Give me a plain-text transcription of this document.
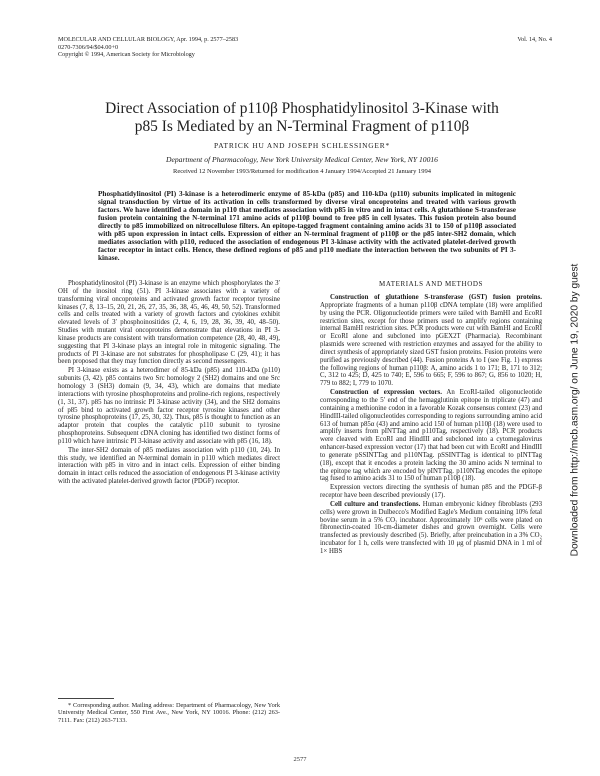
MOLECULAR AND CELLULAR BIOLOGY, Apr. 1994, p. 2577–2583
0270-7306/94/$04.00+0
Copyright © 1994, American Society for Microbiology
Vol. 14, No. 4
Direct Association of p110β Phosphatidylinositol 3-Kinase with
p85 Is Mediated by an N-Terminal Fragment of p110β
PATRICK HU AND JOSEPH SCHLESSINGER*
Department of Pharmacology, New York University Medical Center, New York, NY 10016
Received 12 November 1993/Returned for modification 4 January 1994/Accepted 21 January 1994

Phosphatidylinositol (PI) 3-kinase is a heterodimeric enzyme of 85-kDa (p85) and 110-kDa (p110) subunits implicated in mitogenic signal transduction by virtue of its activation in cells transformed by diverse viral oncoproteins and treated with various growth factors. We have identified a domain in p110 that mediates association with p85 in vitro and in intact cells. A glutathione S-transferase fusion protein containing the N-terminal 171 amino acids of p110β bound to free p85 in cell lysates. This fusion protein also bound directly to p85 immobilized on nitrocellulose filters. An epitope-tagged fragment containing amino acids 31 to 150 of p110β associated with p85 upon expression in intact cells. Expression of either an N-terminal fragment of p110β or the p85 inter-SH2 domain, which mediates association with p110, reduced the association of endogenous PI 3-kinase activity with the activated platelet-derived growth factor receptor in intact cells. Hence, these defined regions of p85 and p110 mediate the interaction between the two subunits of PI 3-kinase.

Phosphatidylinositol (PI) 3-kinase is an enzyme which phosphorylates the 3′ OH of the inositol ring (51). PI 3-kinase associates with a variety of transforming viral oncoproteins and activated growth factor receptor tyrosine kinases (7, 8, 13–15, 20, 21, 26, 27, 35, 36, 38, 45, 46, 49, 50, 52). Transformed cells and cells treated with a variety of growth factors and cytokines exhibit elevated levels of 3′ phosphoinositides (2, 4, 6, 19, 28, 36, 39, 40, 48–50). Studies with mutant viral oncoproteins demonstrate that elevations in PI 3-kinase products are consistent with transformation competence (28, 40, 48, 49), suggesting that PI 3-kinase plays an integral role in mitogenic signaling. The products of PI 3-kinase are not substrates for phospholipase C (29, 41); it has been proposed that they may function directly as second messengers.

PI 3-kinase exists as a heterodimer of 85-kDa (p85) and 110-kDa (p110) subunits (3, 42). p85 contains two Src homology 2 (SH2) domains and one Src homology 3 (SH3) domain (9, 34, 43), which are domains that mediate interactions with tyrosine phosphoproteins and proline-rich regions, respectively (1, 31, 37). p85 has no intrinsic PI 3-kinase activity (34), and the SH2 domains of p85 bind to activated growth factor receptor tyrosine kinases and other tyrosine phosphoproteins (17, 25, 30, 32). Thus, p85 is thought to function as an adaptor protein that couples the catalytic p110 subunit to tyrosine phosphoproteins. Subsequent cDNA cloning has identified two distinct forms of p110 which have intrinsic PI 3-kinase activity and associate with p85 (16, 18).

The inter-SH2 domain of p85 mediates association with p110 (10, 24). In this study, we identified an N-terminal domain in p110 which mediates direct interaction with p85 in vitro and in intact cells. Expression of either binding domain in intact cells reduced the association of endogenous PI 3-kinase activity with the activated platelet-derived growth factor (PDGF) receptor.

* Corresponding author. Mailing address: Department of Pharmacology, New York University Medical Center, 550 First Ave., New York, NY 10016. Phone: (212) 263-7111. Fax: (212) 263-7133.

MATERIALS AND METHODS

Construction of glutathione S-transferase (GST) fusion proteins. Appropriate fragments of a human p110β cDNA template (18) were amplified by using the PCR. Oligonucleotide primers were tailed with BamHI and EcoRI restriction sites, except for those primers used to amplify regions containing internal BamHI restriction sites. PCR products were cut with BamHI and EcoRI or EcoRI alone and subcloned into pGEX2T (Pharmacia). Recombinant plasmids were screened with restriction enzymes and assayed for the ability to direct synthesis of appropriately sized GST fusion proteins. Fusion proteins were purified as previously described (44). Fusion proteins A to I (see Fig. 1) express the following regions of human p110β: A, amino acids 1 to 171; B, 171 to 312; C, 312 to 425; D, 425 to 740; E, 596 to 665; F, 596 to 867; G, 856 to 1020; H, 779 to 882; I, 779 to 1070.

Construction of expression vectors. An EcoRI-tailed oligonucleotide corresponding to the 5′ end of the hemagglutinin epitope in triplicate (47) and containing a methionine codon in a favorable Kozak consensus context (23) and HindIII-tailed oligonucleotides corresponding to regions surrounding amino acid 613 of human p85α (43) and amino acid 150 of human p110β (18) were used to amplify inserts from pINTTag and p110Tag, respectively (18). PCR products were cleaved with EcoRI and HindIII and subcloned into a cytomegalovirus enhancer-based expression vector (17) that had been cut with EcoRI and HindIII to generate pSSINTTag and p110NTag. pSSINTTag is identical to pINTTag (18), except that it encodes a protein lacking the 30 amino acids N terminal to the epitope tag which are encoded by pINTTag. p110NTag encodes the epitope tag fused to amino acids 31 to 150 of human p110β (18).

Expression vectors directing the synthesis of human p85 and the PDGF-β receptor have been described previously (17).

Cell culture and transfections. Human embryonic kidney fibroblasts (293 cells) were grown in Dulbecco's Modified Eagle's Medium containing 10% fetal bovine serum in a 5% CO₂ incubator. Approximately 10⁶ cells were plated on fibronectin-coated 10-cm-diameter dishes and grown overnight. Cells were transfected as previously described (5). Briefly, after preincubation in a 3% CO₂ incubator for 1 h, cells were transfected with 10 μg of plasmid DNA in 1 ml of 1× HBS

2577
Downloaded from http://mcb.asm.org/ on June 19, 2020 by guest
